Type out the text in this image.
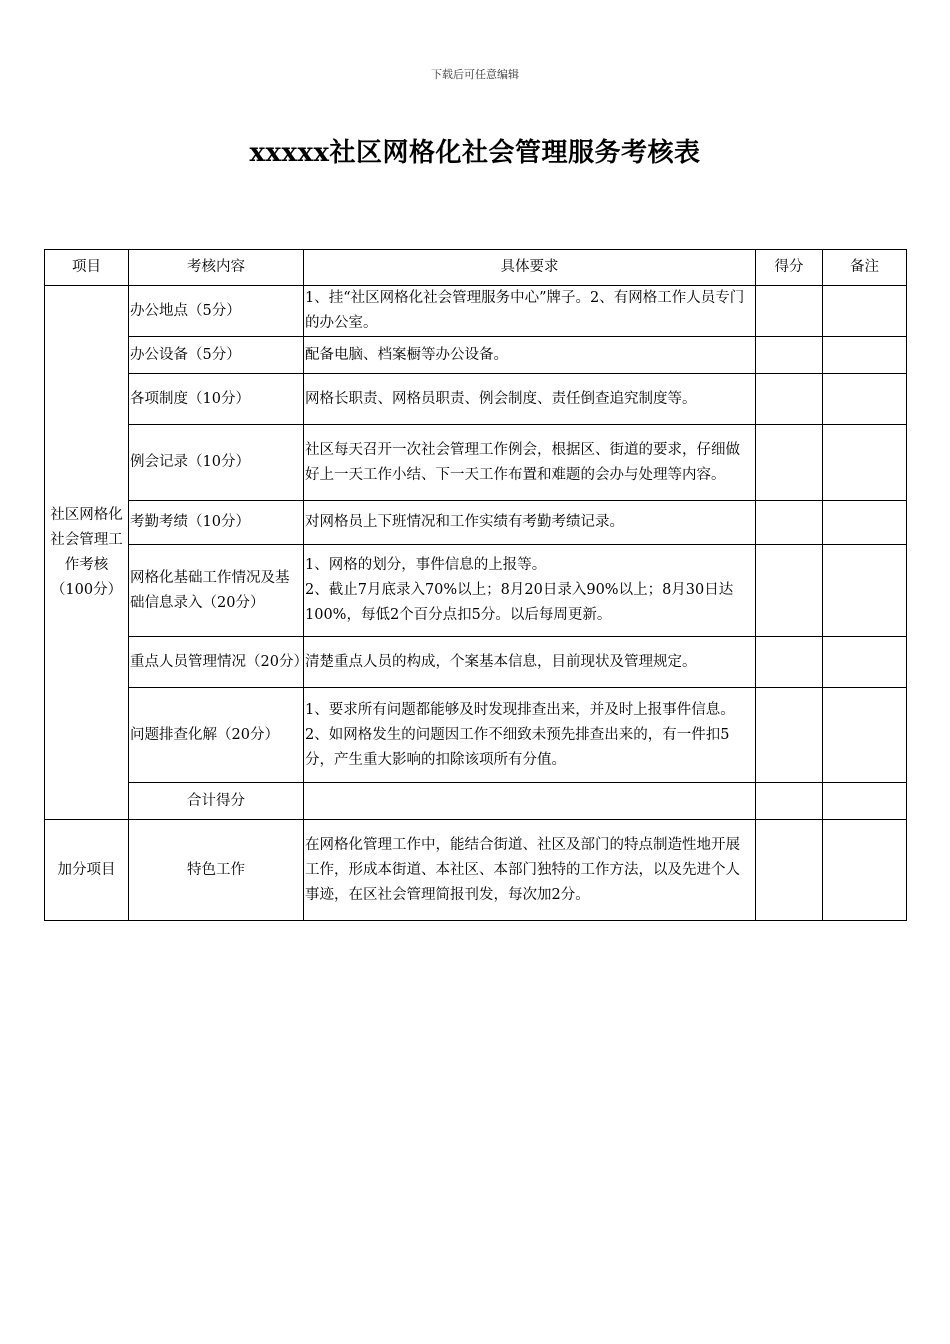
下载后可任意编辑
xxxxx社区网格化社会管理服务考核表
项目	考核内容	具体要求	得分	备注
社区网格化社会管理工作考核（100分）	办公地点（5分）	1、挂“社区网格化社会管理服务中心”牌子。2、有网格工作人员专门的办公室。		
	办公设备（5分）	配备电脑、档案橱等办公设备。		
	各项制度（10分）	网格长职责、网格员职责、例会制度、责任倒查追究制度等。		
	例会记录（10分）	社区每天召开一次社会管理工作例会，根据区、街道的要求，仔细做好上一天工作小结、下一天工作布置和难题的会办与处理等内容。		
	考勤考绩（10分）	对网格员上下班情况和工作实绩有考勤考绩记录。		
	网格化基础工作情况及基础信息录入（20分）	1、网格的划分，事件信息的上报等。
2、截止7月底录入70%以上；8月20日录入90%以上；8月30日达100%，每低2个百分点扣5分。以后每周更新。		

	重点人员管理情况（20分）	清楚重点人员的构成，个案基本信息，目前现状及管理规定。		
	问题排查化解（20分）	1、要求所有问题都能够及时发现排查出来，并及时上报事件信息。2、如网格发生的问题因工作不细致未预先排查出来的，有一件扣5分，产生重大影响的扣除该项所有分值。		
	合计得分			
加分项目	特色工作	在网格化管理工作中，能结合街道、社区及部门的特点制造性地开展工作，形成本街道、本社区、本部门独特的工作方法，以及先进个人事迹，在区社会管理简报刊发，每次加2分。		
